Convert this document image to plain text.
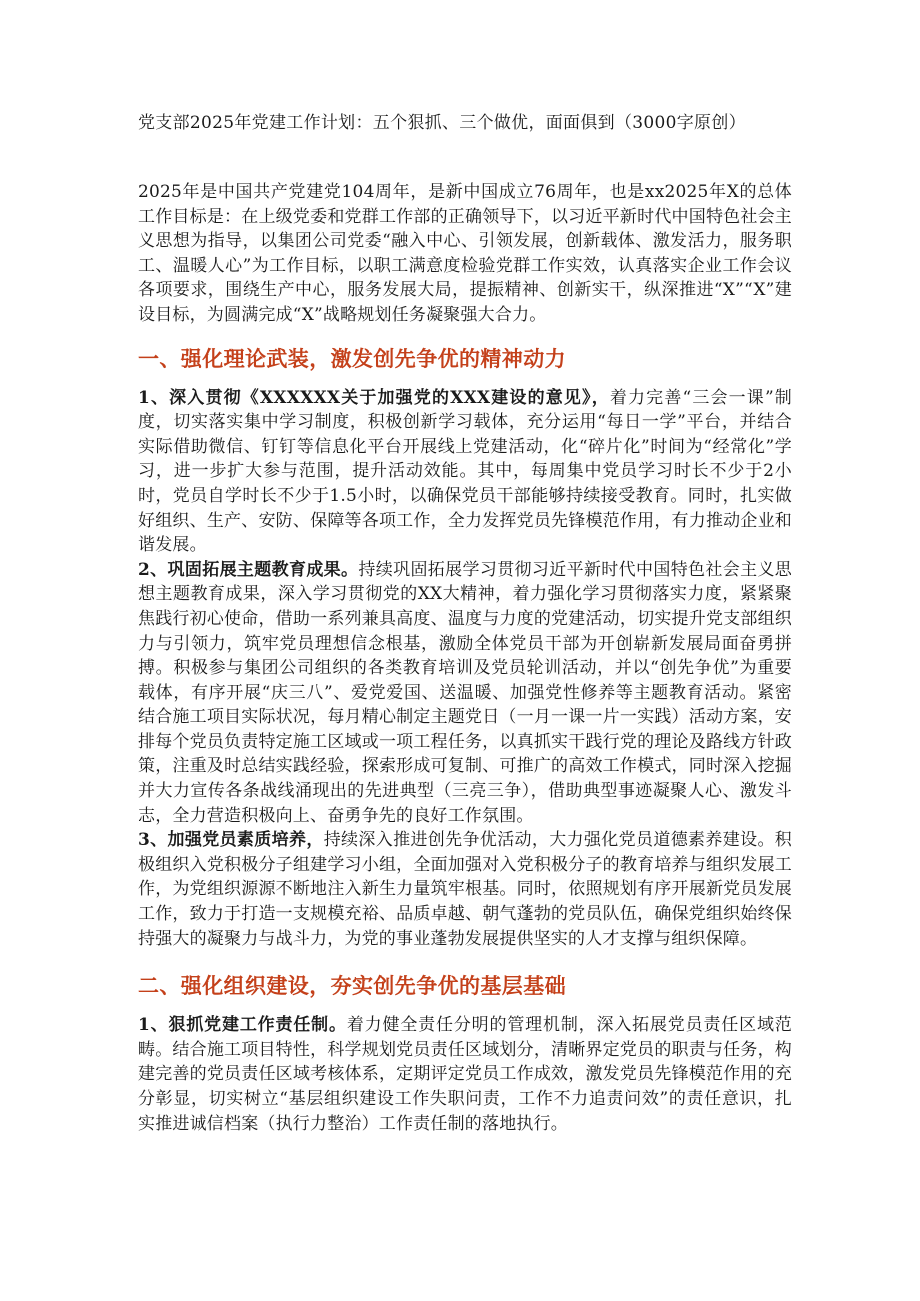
党支部2025年党建工作计划：五个狠抓、三个做优，面面俱到（3000字原创）

2025年是中国共产党建党104周年，是新中国成立76周年，也是xx2025年X的总体工作目标是：在上级党委和党群工作部的正确领导下，以习近平新时代中国特色社会主义思想为指导，以集团公司党委“融入中心、引领发展，创新载体、激发活力，服务职工、温暖人心”为工作目标，以职工满意度检验党群工作实效，认真落实企业工作会议各项要求，围绕生产中心，服务发展大局，提振精神、创新实干，纵深推进“X”“X”建设目标，为圆满完成“X”战略规划任务凝聚强大合力。

一、强化理论武装，激发创先争优的精神动力

1、深入贯彻《XXXXXX关于加强党的XXX建设的意见》，着力完善“三会一课”制度，切实落实集中学习制度，积极创新学习载体，充分运用“每日一学”平台，并结合实际借助微信、钉钉等信息化平台开展线上党建活动，化“碎片化”时间为“经常化”学习，进一步扩大参与范围，提升活动效能。其中，每周集中党员学习时长不少于2小时，党员自学时长不少于1.5小时，以确保党员干部能够持续接受教育。同时，扎实做好组织、生产、安防、保障等各项工作，全力发挥党员先锋模范作用，有力推动企业和谐发展。

2、巩固拓展主题教育成果。持续巩固拓展学习贯彻习近平新时代中国特色社会主义思想主题教育成果，深入学习贯彻党的XX大精神，着力强化学习贯彻落实力度，紧紧聚焦践行初心使命，借助一系列兼具高度、温度与力度的党建活动，切实提升党支部组织力与引领力，筑牢党员理想信念根基，激励全体党员干部为开创崭新发展局面奋勇拼搏。积极参与集团公司组织的各类教育培训及党员轮训活动，并以“创先争优”为重要载体，有序开展“庆三八”、爱党爱国、送温暖、加强党性修养等主题教育活动。紧密结合施工项目实际状况，每月精心制定主题党日（一月一课一片一实践）活动方案，安排每个党员负责特定施工区域或一项工程任务，以真抓实干践行党的理论及路线方针政策，注重及时总结实践经验，探索形成可复制、可推广的高效工作模式，同时深入挖掘并大力宣传各条战线涌现出的先进典型（三亮三争），借助典型事迹凝聚人心、激发斗志，全力营造积极向上、奋勇争先的良好工作氛围。

3、加强党员素质培养，持续深入推进创先争优活动，大力强化党员道德素养建设。积极组织入党积极分子组建学习小组，全面加强对入党积极分子的教育培养与组织发展工作，为党组织源源不断地注入新生力量筑牢根基。同时，依照规划有序开展新党员发展工作，致力于打造一支规模充裕、品质卓越、朝气蓬勃的党员队伍，确保党组织始终保持强大的凝聚力与战斗力，为党的事业蓬勃发展提供坚实的人才支撑与组织保障。

二、强化组织建设，夯实创先争优的基层基础

1、狠抓党建工作责任制。着力健全责任分明的管理机制，深入拓展党员责任区域范畴。结合施工项目特性，科学规划党员责任区域划分，清晰界定党员的职责与任务，构建完善的党员责任区域考核体系，定期评定党员工作成效，激发党员先锋模范作用的充分彰显，切实树立“基层组织建设工作失职问责，工作不力追责问效”的责任意识，扎实推进诚信档案（执行力整治）工作责任制的落地执行。
